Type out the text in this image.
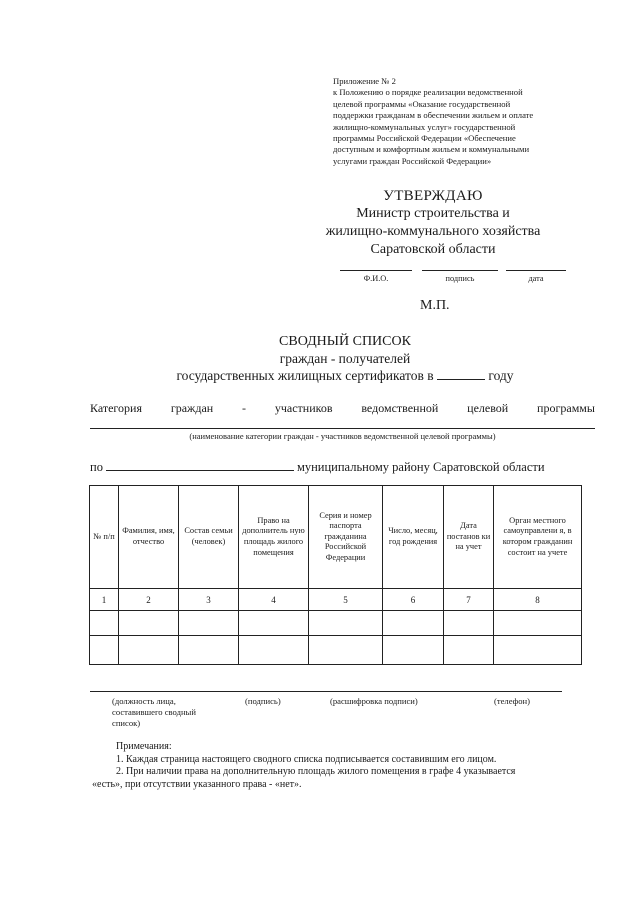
Приложение № 2
к Положению о порядке реализации ведомственной
целевой программы «Оказание государственной
поддержки гражданам в обеспечении жильем и оплате
жилищно-коммунальных услуг» государственной
программы Российской Федерации «Обеспечение
доступным и комфортным жильем и коммунальными
услугами граждан Российской Федерации»
УТВЕРЖДАЮ
Министр строительства и
жилищно-коммунального хозяйства
Саратовской области
Ф.И.О.	подпись	дата
М.П.
СВОДНЫЙ СПИСОК
граждан - получателей
государственных жилищных сертификатов в	году
Категория граждан - участников ведомственной целевой программы
(наименование категории граждан - участников ведомственной целевой программы)
по	муниципальному району Саратовской области
№ п/п	Фамилия, имя, отчество	Состав семьи (человек)	Право на дополнитель ную площадь жилого помещения	Серия и номер паспорта гражданина Российской Федерации	Число, месяц, год рождения	Дата постанов ки на учет	Орган местного самоуправлени я, в котором гражданин состоит на учете
1	2	3	4	5	6	7	8

(должность лица, составившего сводный список)
(подпись)	(расшифровка подписи)	(телефон)
Примечания:
1. Каждая страница настоящего сводного списка подписывается составившим его лицом.
2. При наличии права на дополнительную площадь жилого помещения в графе 4 указывается
«есть», при отсутствии указанного права - «нет».
